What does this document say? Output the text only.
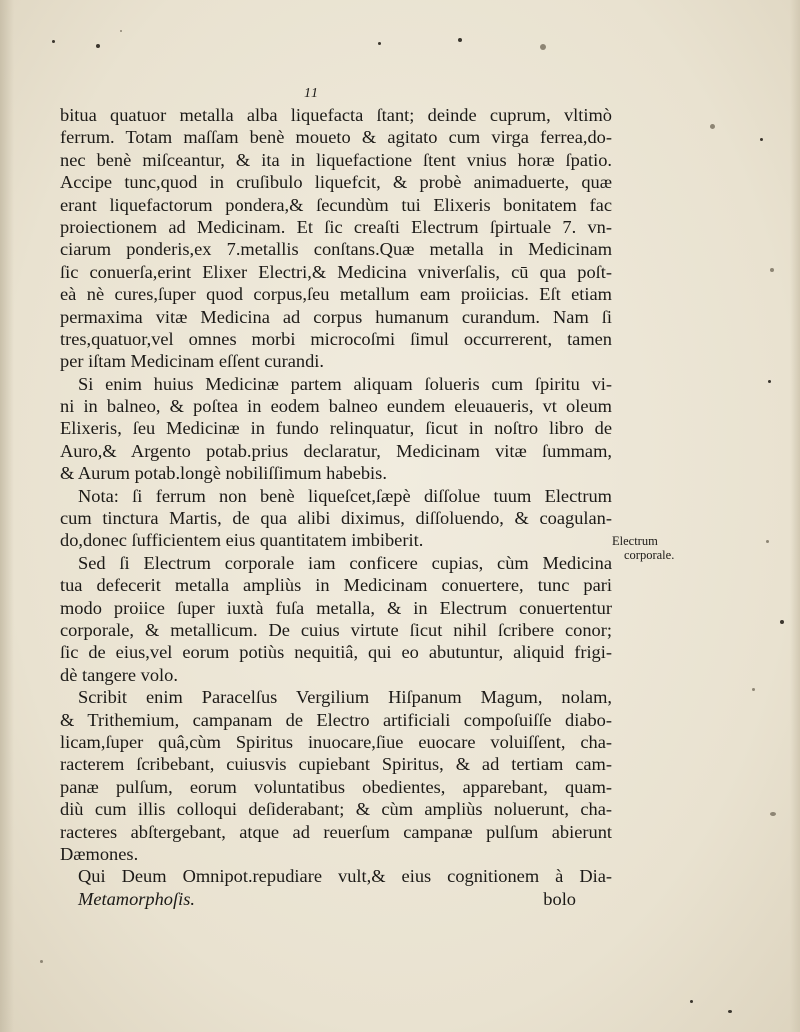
11
bitua quatuor metalla alba liquefacta ſtant; deinde cuprum, vltimò
ferrum. Totam maſſam benè moueto & agitato cum virga ferrea,do-
nec benè miſceantur, & ita in liquefactione ſtent vnius horæ ſpatio.
Accipe tunc,quod in cruſibulo liquefcit, & probè animaduerte, quæ
erant liquefactorum pondera,& ſecundùm tui Elixeris bonitatem fac
proiectionem ad Medicinam. Et ſic creaſti Electrum ſpirtuale 7. vn-
ciarum ponderis,ex 7.metallis conſtans.Quæ metalla in Medicinam
ſic conuerſa,erint Elixer Electri,& Medicina vniverſalis, cū qua poſt-
eà nè cures,ſuper quod corpus,ſeu metallum eam proiicias. Eſt etiam
permaxima vitæ Medicina ad corpus humanum curandum. Nam ſi
tres,quatuor,vel omnes morbi microcoſmi ſimul occurrerent, tamen
per iſtam Medicinam eſſent curandi.
Si enim huius Medicinæ partem aliquam ſolueris cum ſpiritu vi-
ni in balneo, & poſtea in eodem balneo eundem eleuaueris, vt oleum
Elixeris, ſeu Medicinæ in fundo relinquatur, ſicut in noſtro libro de
Auro,& Argento potab.prius declaratur, Medicinam vitæ ſummam,
& Aurum potab.longè nobiliſſimum habebis.
Nota: ſi ferrum non benè liqueſcet,ſæpè diſſolue tuum Electrum
cum tinctura Martis, de qua alibi diximus, diſſoluendo, & coagulan-
do,donec ſufficientem eius quantitatem imbiberit.
Sed ſi Electrum corporale iam conficere cupias, cùm Medicina
tua defecerit metalla ampliùs in Medicinam conuertere, tunc pari
modo proiice ſuper iuxtà fuſa metalla, & in Electrum conuertentur
corporale, & metallicum. De cuius virtute ſicut nihil ſcribere conor;
ſic de eius,vel eorum potiùs nequitiâ, qui eo abutuntur, aliquid frigi-
dè tangere volo.
Scribit enim Paracelſus Vergilium Hiſpanum Magum, nolam,
& Trithemium, campanam de Electro artificiali compoſuiſſe diabo-
licam,ſuper quâ,cùm Spiritus inuocare,ſiue euocare voluiſſent, cha-
racterem ſcribebant, cuiusvis cupiebant Spiritus, & ad tertiam cam-
panæ pulſum, eorum voluntatibus obedientes, apparebant, quam-
diù cum illis colloqui deſiderabant; & cùm ampliùs noluerunt, cha-
racteres abſtergebant, atque ad reuerſum campanæ pulſum abierunt
Dæmones.
Qui Deum Omnipot.repudiare vult,& eius cognitionem à Dia-
Metamorphoſis.	bolo
Electrum
corporale.
